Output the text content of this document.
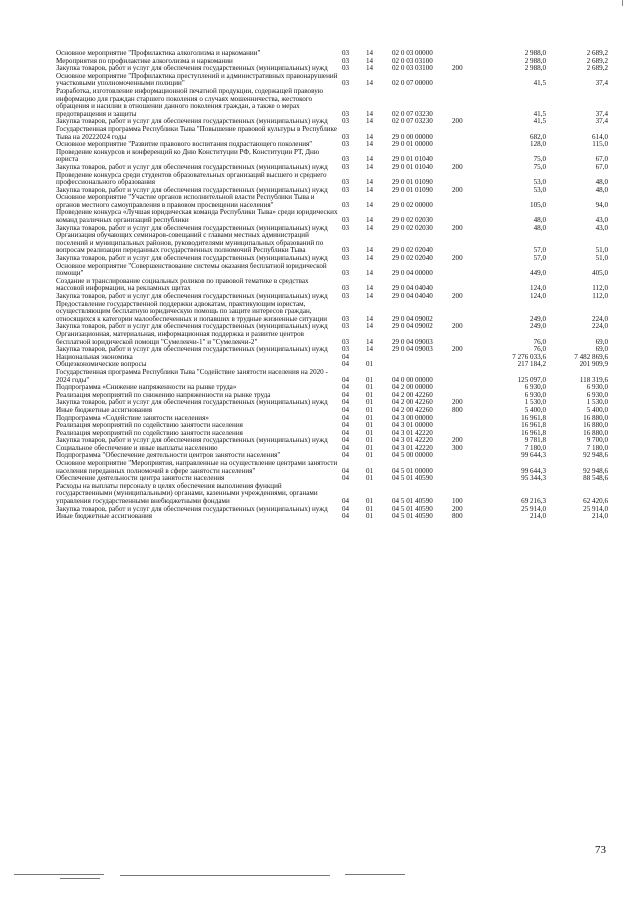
Основное мероприятие "Профилактика алкоголизма и наркомании"	03	14	02 0 03 00000		2 988,0	2 689,2
Мероприятия по профилактике алкоголизма и наркомании	03	14	02 0 03 03100		2 988,0	2 689,2
Закупка товаров, работ и услуг для обеспечения государственных (муниципальных) нужд	03	14	02 0 03 03100	200	2 988,0	2 689,2
Основное мероприятие "Профилактика преступлений и административных правонарушений участковыми уполномоченными полиции"	03	14	02 0 07 00000		41,5	37,4
Разработка, изготовление информационной печатной продукции, содержащей правовую информацию для граждан старшего поколения о случаях мошенничества, жестокого обращения и насилии в отношении данного поколения граждан, а также о мерах предотвращения и защиты	03	14	02 0 07 03230		41,5	37,4
Закупка товаров, работ и услуг для обеспечения государственных (муниципальных) нужд	03	14	02 0 07 03230	200	41,5	37,4
Государственная программа Республики Тыва "Повышение правовой культуры в Республике Тыва на 20222024 годы	03	14	29 0 00 00000		682,0	614,0
Основное мероприятие "Развитие правового воспитания подрастающего поколения"	03	14	29 0 01 00000		128,0	115,0
Проведение конкурсов и конференций ко Дню Конституции РФ, Конституции РТ, Дню юриста	03	14	29 0 01 01040		75,0	67,0
Закупка товаров, работ и услуг для обеспечения государственных (муниципальных) нужд	03	14	29 0 01 01040	200	75,0	67,0
Проведение конкурса среди студентов образовательных организаций высшего и среднего профессионального образования	03	14	29 0 01 01090		53,0	48,0
Закупка товаров, работ и услуг для обеспечения государственных (муниципальных) нужд	03	14	29 0 01 01090	200	53,0	48,0
Основное мероприятие "Участие органов исполнительной власти Республики Тыва и органов местного самоуправления в правовом просвещении населения"	03	14	29 0 02 00000		105,0	94,0
Проведение конкурса «Лучшая юридическая команда Республики Тыва» среди юридических команд различных организаций республики	03	14	29 0 02 02030		48,0	43,0
Закупка товаров, работ и услуг для обеспечения государственных (муниципальных) нужд	03	14	29 0 02 02030	200	48,0	43,0
Организация обучающих семинаров-совещаний с главами местных администраций поселений и муниципальных районов, руководителями муниципальных образований по вопросам реализации переданных государственных полномочий Республики Тыва	03	14	29 0 02 02040		57,0	51,0
Закупка товаров, работ и услуг для обеспечения государственных (муниципальных) нужд	03	14	29 0 02 02040	200	57,0	51,0
Основное мероприятие "Совершенствование системы оказания бесплатной юридической помощи"	03	14	29 0 04 00000		449,0	405,0
Создание и транслирование социальных роликов по правовой тематике в средствах массовой информации, на рекламных щитах	03	14	29 0 04 04040		124,0	112,0
Закупка товаров, работ и услуг для обеспечения государственных (муниципальных) нужд	03	14	29 0 04 04040	200	124,0	112,0
Предоставление государственной поддержки адвокатам, практикующим юристам, осуществляющим бесплатную юридическую помощь по защите интересов граждан, относящихся к категории малообеспеченных и попавших в трудные жизненные ситуации	03	14	29 0 04 09002		249,0	224,0
Закупка товаров, работ и услуг для обеспечения государственных (муниципальных) нужд	03	14	29 0 04 09002	200	249,0	224,0
Организационная, материальная, информационная поддержка и развитие центров бесплатной юридической помощи "Сумелекчи-1" и "Сумелекчи-2"	03	14	29 0 04 09003		76,0	69,0
Закупка товаров, работ и услуг для обеспечения государственных (муниципальных) нужд	03	14	29 0 04 09003	200	76,0	69,0
Национальная экономика	04				7 276 033,6	7 482 869,6
Общеэкономические вопросы	04	01			217 184,2	201 909,9
Государственная программа Республики Тыва "Содействие занятости населения на 2020 - 2024 годы"	04	01	04 0 00 00000		125 097,0	118 319,6
Подпрограмма «Снижение напряженности на рынке труда»	04	01	04 2 00 00000		6 930,0	6 930,0
Реализация мероприятий по снижению напряженности на рынке труда	04	01	04 2 00 42260		6 930,0	6 930,0
Закупка товаров, работ и услуг для обеспечения государственных (муниципальных) нужд	04	01	04 2 00 42260	200	1 530,0	1 530,0
Иные бюджетные ассигнования	04	01	04 2 00 42260	800	5 400,0	5 400,0
Подпрограмма «Содействие занятости населения»	04	01	04 3 00 00000		16 961,8	16 880,0
Реализация мероприятий по содействию занятости населения	04	01	04 3 01 00000		16 961,8	16 880,0
Реализация мероприятий по содействию занятости населения	04	01	04 3 01 42220		16 961,8	16 880,0
Закупка товаров, работ и услуг для обеспечения государственных (муниципальных) нужд	04	01	04 3 01 42220	200	9 781,8	9 700,0
Социальное обеспечение и иные выплаты населению	04	01	04 3 01 42220	300	7 180,0	7 180,0
Подпрограмма "Обеспечение деятельности центров занятости населения"	04	01	04 5 00 00000		99 644,3	92 948,6
Основное мероприятие "Мероприятия, направленные на осуществление центрами занятости населения переданных полномочий в сфере занятости населения"	04	01	04 5 01 00000		99 644,3	92 948,6
Обеспечение деятельности центра занятости населения	04	01	04 5 01 40590		95 344,3	88 548,6
Расходы на выплаты персоналу в целях обеспечения выполнения функций государственными (муниципальными) органами, казенными учреждениями, органами управления государственными внебюджетными фондами	04	01	04 5 01 40590	100	69 216,3	62 420,6
Закупка товаров, работ и услуг для обеспечения государственных (муниципальных) нужд	04	01	04 5 01 40590	200	25 914,0	25 914,0
Иные бюджетные ассигнования	04	01	04 5 01 40590	800	214,0	214,0
73
